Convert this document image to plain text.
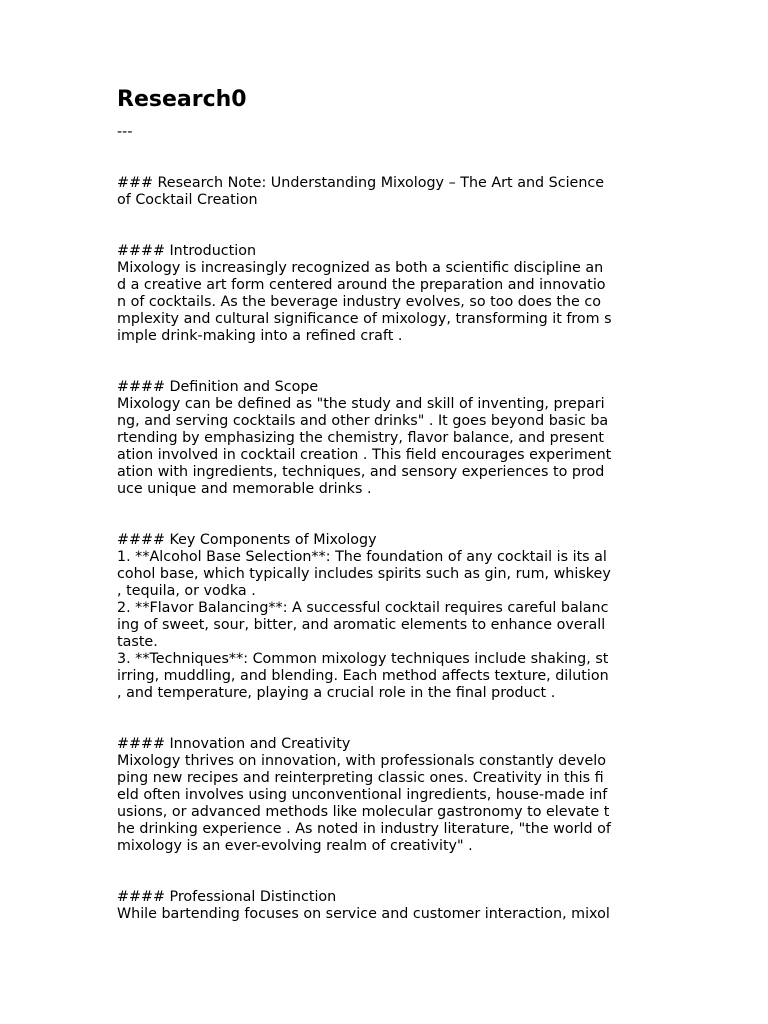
Research0
---
### Research Note: Understanding Mixology – The Art and Science
of Cocktail Creation
#### Introduction
Mixology is increasingly recognized as both a scientific discipline an
d a creative art form centered around the preparation and innovatio
n of cocktails. As the beverage industry evolves, so too does the co
mplexity and cultural significance of mixology, transforming it from s
imple drink-making into a refined craft .
#### Definition and Scope
Mixology can be defined as "the study and skill of inventing, prepari
ng, and serving cocktails and other drinks" . It goes beyond basic ba
rtending by emphasizing the chemistry, flavor balance, and present
ation involved in cocktail creation . This field encourages experiment
ation with ingredients, techniques, and sensory experiences to prod
uce unique and memorable drinks .
#### Key Components of Mixology
1. **Alcohol Base Selection**: The foundation of any cocktail is its al
cohol base, which typically includes spirits such as gin, rum, whiskey
, tequila, or vodka .
2. **Flavor Balancing**: A successful cocktail requires careful balanc
ing of sweet, sour, bitter, and aromatic elements to enhance overall
taste.
3. **Techniques**: Common mixology techniques include shaking, st
irring, muddling, and blending. Each method affects texture, dilution
, and temperature, playing a crucial role in the final product .
#### Innovation and Creativity
Mixology thrives on innovation, with professionals constantly develo
ping new recipes and reinterpreting classic ones. Creativity in this fi
eld often involves using unconventional ingredients, house-made inf
usions, or advanced methods like molecular gastronomy to elevate t
he drinking experience . As noted in industry literature, "the world of
mixology is an ever-evolving realm of creativity" .
#### Professional Distinction
While bartending focuses on service and customer interaction, mixol
